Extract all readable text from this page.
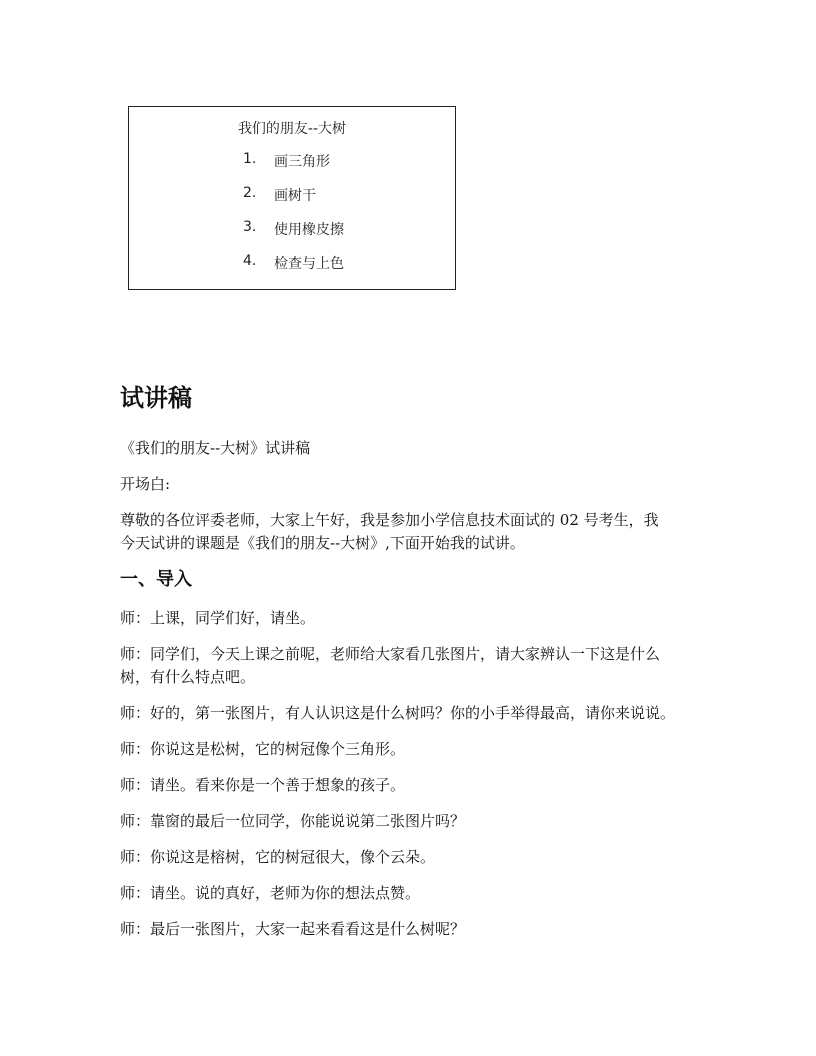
我们的朋友--大树
1. 画三角形
2. 画树干
3. 使用橡皮擦
4. 检查与上色
试讲稿

《我们的朋友--大树》试讲稿

开场白:

尊敬的各位评委老师，大家上午好，我是参加小学信息技术面试的 02 号考生，我

今天试讲的课题是《我们的朋友--大树》,下面开始我的试讲。

一、导入

师：上课，同学们好，请坐。

师：同学们，今天上课之前呢，老师给大家看几张图片，请大家辨认一下这是什么

树，有什么特点吧。

师：好的，第一张图片，有人认识这是什么树吗？你的小手举得最高，请你来说说。

师：你说这是松树，它的树冠像个三角形。

师：请坐。看来你是一个善于想象的孩子。

师：靠窗的最后一位同学，你能说说第二张图片吗？

师：你说这是榕树，它的树冠很大，像个云朵。

师：请坐。说的真好，老师为你的想法点赞。

师：最后一张图片，大家一起来看看这是什么树呢？
